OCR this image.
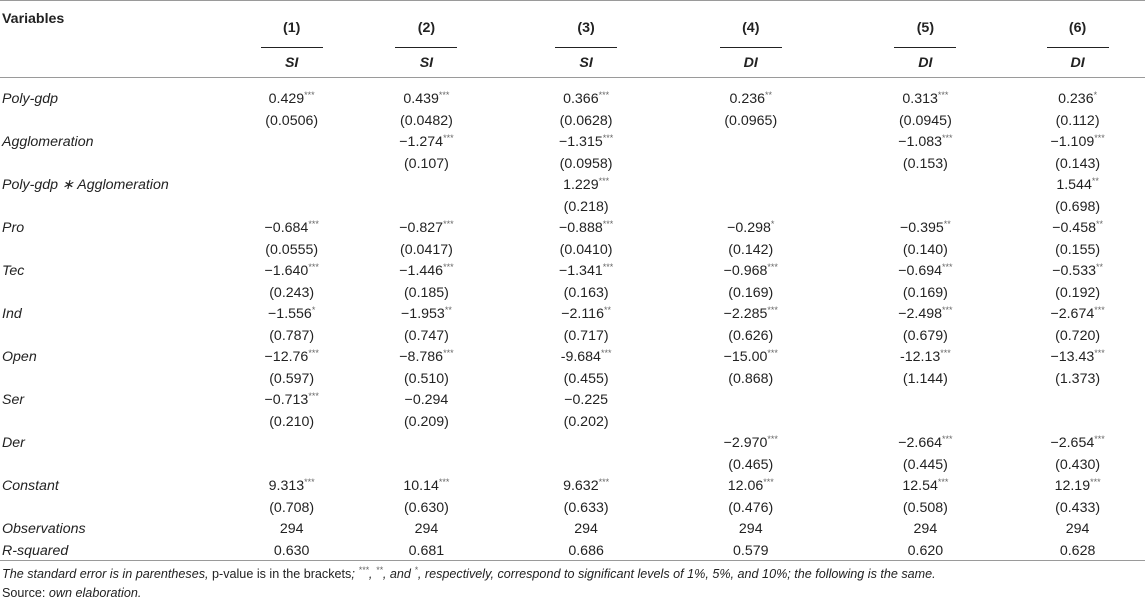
Variables	(1)	(2)	(3)	(4)	(5)	(6)
	SI	SI	SI	DI	DI	DI

Poly-gdp	0.429***	0.439***	0.366***	0.236**	0.313***	0.236*
	(0.0506)	(0.0482)	(0.0628)	(0.0965)	(0.0945)	(0.112)
Agglomeration		−1.274***	−1.315***		−1.083***	−1.109***
		(0.107)	(0.0958)		(0.153)	(0.143)
Poly-gdp ∗ Agglomeration			1.229***			1.544**
			(0.218)			(0.698)
Pro	−0.684***	−0.827***	−0.888***	−0.298*	−0.395**	−0.458**
	(0.0555)	(0.0417)	(0.0410)	(0.142)	(0.140)	(0.155)
Tec	−1.640***	−1.446***	−1.341***	−0.968***	−0.694***	−0.533**
	(0.243)	(0.185)	(0.163)	(0.169)	(0.169)	(0.192)
Ind	−1.556*	−1.953**	−2.116**	−2.285***	−2.498***	−2.674***
	(0.787)	(0.747)	(0.717)	(0.626)	(0.679)	(0.720)
Open	−12.76***	−8.786***	-9.684***	−15.00***	-12.13***	−13.43***
	(0.597)	(0.510)	(0.455)	(0.868)	(1.144)	(1.373)
Ser	−0.713***	−0.294	−0.225			
	(0.210)	(0.209)	(0.202)			
Der				−2.970***	−2.664***	−2.654***
				(0.465)	(0.445)	(0.430)
Constant	9.313***	10.14***	9.632***	12.06***	12.54***	12.19***
	(0.708)	(0.630)	(0.633)	(0.476)	(0.508)	(0.433)
Observations	294	294	294	294	294	294
R-squared	0.630	0.681	0.686	0.579	0.620	0.628
The standard error is in parentheses, p-value is in the brackets; ***, **, and *, respectively, correspond to significant levels of 1%, 5%, and 10%; the following is the same.
Source: own elaboration.
